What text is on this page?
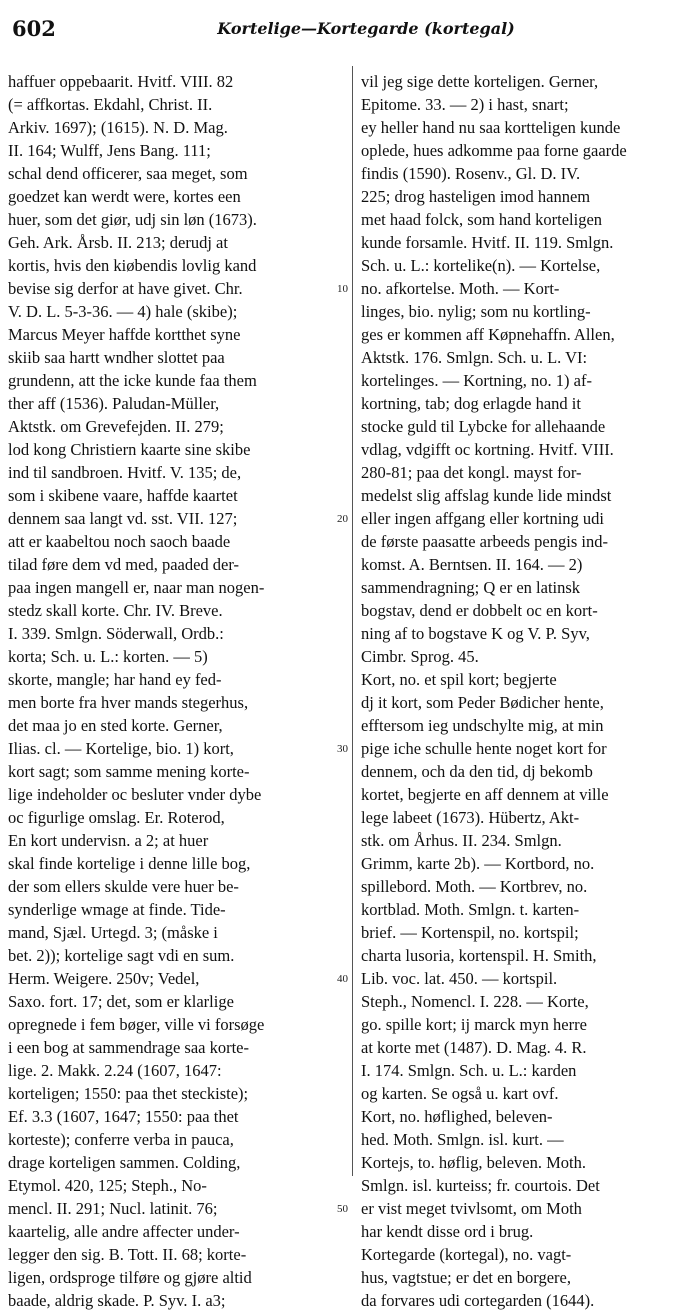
602	Kortelige—Kortegarde (kortegal)
haffuer oppebaarit. Hvitf. VIII. 82
(= affkortas. Ekdahl, Christ. II.
Arkiv. 1697); (1615). N. D. Mag.
II. 164; Wulff, Jens Bang. 111;
schal dend officerer, saa meget, som
goedzet kan werdt were, kortes een
huer, som det giør, udj sin løn (1673).
Geh. Ark. Årsb. II. 213; derudj at
kortis, hvis den kiøbendis lovlig kand
bevise sig derfor at have givet. Chr.
V. D. L. 5-3-36. — 4) hale (skibe);
Marcus Meyer haffde kortthet syne
skiib saa hartt wndher slottet paa
grundenn, att the icke kunde faa them
ther aff (1536). Paludan-Müller,
Aktstk. om Grevefejden. II. 279;
lod kong Christiern kaarte sine skibe
ind til sandbroen. Hvitf. V. 135; de,
som i skibene vaare, haffde kaartet
dennem saa langt vd. sst. VII. 127;
att er kaabeltou noch saoch baade
tilad føre dem vd med, paaded der-
paa ingen mangell er, naar man nogen-
stedz skall korte. Chr. IV. Breve.
I. 339. Smlgn. Söderwall, Ordb.:
korta; Sch. u. L.: korten. — 5)
skorte, mangle; har hand ey fed-
men borte fra hver mands stegerhus,
det maa jo en sted korte. Gerner,
Ilias. cl. — Kortelige, bio. 1) kort,
kort sagt; som samme mening korte-
lige indeholder oc besluter vnder dybe
oc figurlige omslag. Er. Roterod,
En kort undervisn. a 2; at huer
skal finde kortelige i denne lille bog,
der som ellers skulde vere huer be-
synderlige wmage at finde. Tide-
mand, Sjæl. Urtegd. 3; (måske i
bet. 2)); kortelige sagt vdi en sum.
Herm. Weigere. 250v; Vedel,
Saxo. fort. 17; det, som er klarlige
opregnede i fem bøger, ville vi forsøge
i een bog at sammendrage saa korte-
lige. 2. Makk. 2.24 (1607, 1647:
korteligen; 1550: paa thet steckiste);
Ef. 3.3 (1607, 1647; 1550: paa thet
korteste); conferre verba in pauca,
drage korteligen sammen. Colding,
Etymol. 420, 125; Steph., No-
mencl. II. 291; Nucl. latinit. 76;
kaartelig, alle andre affecter under-
legger den sig. B. Tott. II. 68; korte-
ligen, ordsproge tilføre og gjøre altid
baade, aldrig skade. P. Syv. I. a3;
vil jeg sige dette korteligen. Gerner,
Epitome. 33. — 2) i hast, snart;
ey heller hand nu saa kortteligen kunde
oplede, hues adkomme paa forne gaarde
findis (1590). Rosenv., Gl. D. IV.
225; drog hasteligen imod hannem
met haad folck, som hand korteligen
kunde forsamle. Hvitf. II. 119. Smlgn.
Sch. u. L.: kortelike(n). — Kortelse,
no. afkortelse. Moth. — Kort-
linges, bio. nylig; som nu kortling-
ges er kommen aff Køpnehaffn. Allen,
Aktstk. 176. Smlgn. Sch. u. L. VI:
kortelinges. — Kortning, no. 1) af-
kortning, tab; dog erlagde hand it
stocke guld til Lybcke for allehaande
vdlag, vdgifft oc kortning. Hvitf. VIII.
280-81; paa det kongl. mayst for-
medelst slig affslag kunde lide mindst
eller ingen affgang eller kortning udi
de første paasatte arbeeds pengis ind-
komst. A. Berntsen. II. 164. — 2)
sammendragning; Q er en latinsk
bogstav, dend er dobbelt oc en kort-
ning af to bogstave K og V. P. Syv,
Cimbr. Sprog. 45.
Kort, no. et spil kort; begjerte
dj it kort, som Peder Bødicher hente,
efftersom ieg undschylte mig, at min
pige iche schulle hente noget kort for
dennem, och da den tid, dj bekomb
kortet, begjerte en aff dennem at ville
lege labeet (1673). Hübertz, Akt-
stk. om Århus. II. 234. Smlgn.
Grimm, karte 2b). — Kortbord, no.
spillebord. Moth. — Kortbrev, no.
kortblad. Moth. Smlgn. t. karten-
brief. — Kortenspil, no. kortspil;
charta lusoria, kortenspil. H. Smith,
Lib. voc. lat. 450. — kortspil.
Steph., Nomencl. I. 228. — Korte,
go. spille kort; ij marck myn herre
at korte met (1487). D. Mag. 4. R.
I. 174. Smlgn. Sch. u. L.: karden
og karten. Se også u. kart ovf.
Kort, no. høflighed, beleven-
hed. Moth. Smlgn. isl. kurt. —
Kortejs, to. høflig, beleven. Moth.
Smlgn. isl. kurteiss; fr. courtois. Det
er vist meget tvivlsomt, om Moth
har kendt disse ord i brug.
Kortegarde (kortegal), no. vagt-
hus, vagtstue; er det en borgere,
da forvares udi cortegarden (1644).
10
20
30
40
50
